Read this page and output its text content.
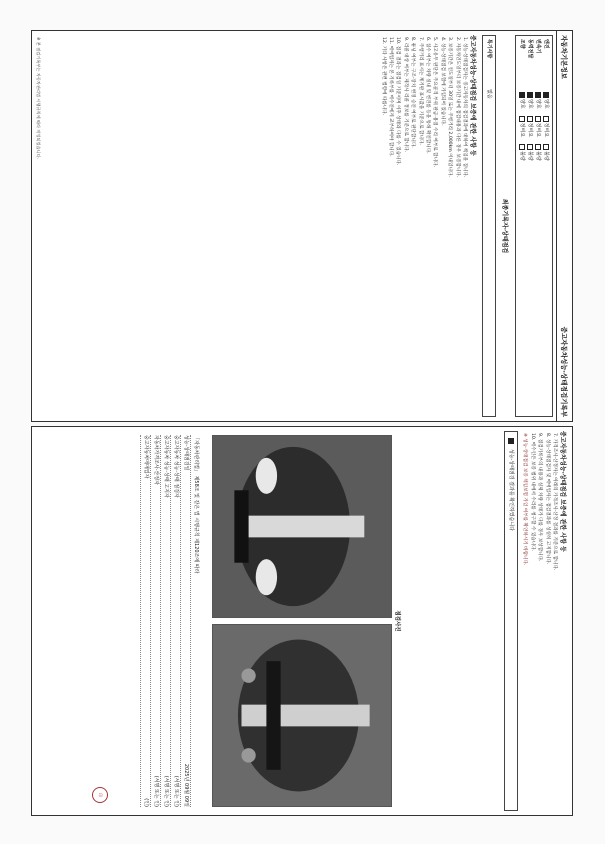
자동차기본정보
중고자동차성능·상태점검기록부
엔진
양호
정비요
불량
변속기
양호
정비요
불량
동력전달
양호
정비요
불량
조향
양호
정비요
불량
최종기록자·상태점검
특기사항
없음
중고자동차성능·상태점검 보증에 관한 사항 등

1. 성능·상태점검자는 중고자동차의 점검결과에 대하여 책임을 집니다.

2. 자동차인도일부터 보증기간 내에 점검내용과 다른 경우 보증합니다.

3. 보증기간은 인도일부터 30일 또는 주행거리 2,000km 이내입니다.

4. 성능·상태점검 보험에 가입되어 있습니다.

5. 사고유무 판단은 주요골격 부위 판금·용접 수리 여부로 합니다.

6. 침수 여부는 차량 실내 및 엔진룸 등을 통해 확인합니다.

7. 주행거리 표시는 계기판 표시값을 기준으로 합니다.

8. 튜닝 여부는 구조·장치 변경 승인 여부로 판단합니다.

9. 리콜 대상 여부는 제작사 리콜 정보를 기준으로 합니다.

10. 점검 결과는 점검일 기준이며 이후 상태와 다를 수 있습니다.

11. 매매업자는 본 기록부를 매수인에게 교부하여야 합니다.

12. 기타 사항은 관련 법령에 따릅니다.

※ 본 점검기록부는 자동차관리법 시행규칙에 따라 작성되었습니다.
중고자동차성능·상태점검 보증에 관한 사항 등

7. 가격조사·산정자는 아래의 가격조사·산정 결과를 기준으로 합니다.

8. 성능·상태점검자 및 매매업자는 점검결과를 성실히 고지합니다.

9. 점검기록부의 내용과 실제 차량 상태가 다를 경우 보상합니다.

10. 매수인은 보증 범위 내에서 수리를 청구할 수 있습니다.

※ 성능·상태점검 보증 책임보험 가입 여부를 확인하시기 바랍니다.

성능·상태점검 결과를 확인하였습니다
점검사진
「자동차관리법」 제58조 및 같은 법 시행규칙 제120조에 따라
성능·상태점검일
2025년 09월 09일
중고자동차 성능·상태 점검자
(서명 또는 인)
중고자동차 성능·상태 고지자
(서명 또는 인)
자동차가격조사·산정자
(서명 또는 인)
중고자동차매매업자
(인)
印
